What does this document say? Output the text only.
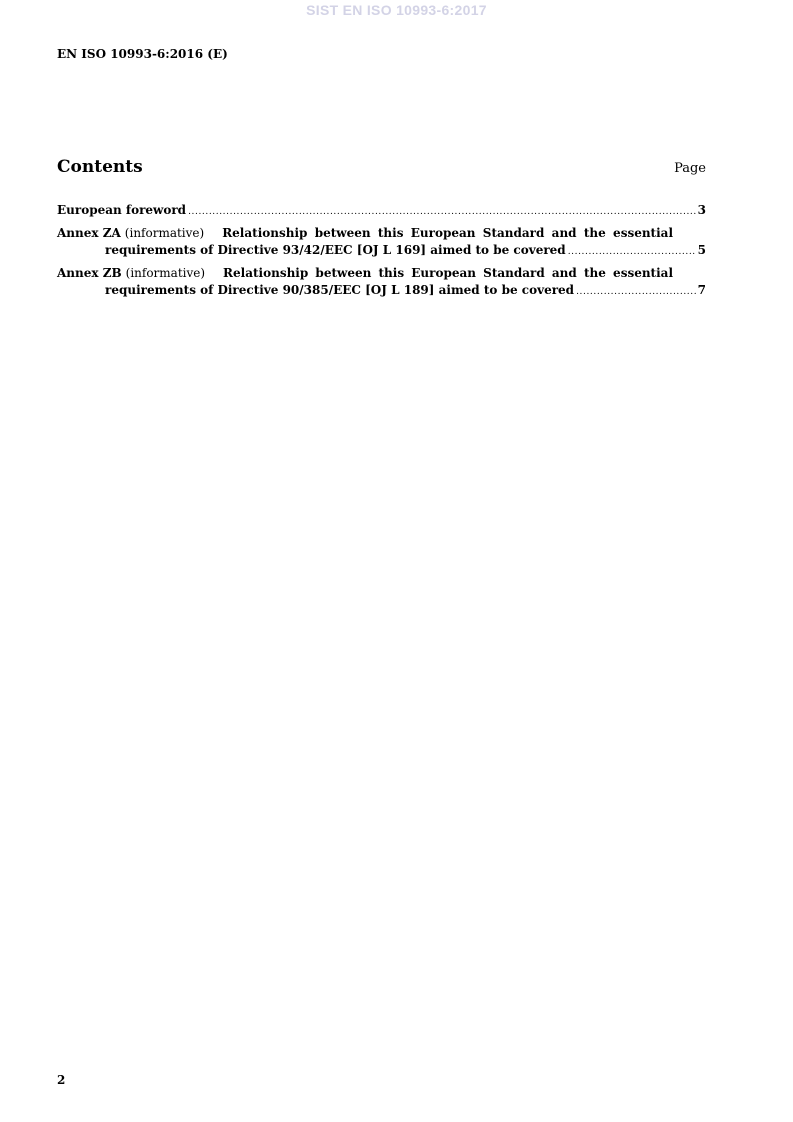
SIST EN ISO 10993-6:2017
EN ISO 10993-6:2016 (E)
Contents	Page
European foreword .....	3
Annex ZA (informative) Relationship between this European Standard and the essential
requirements of Directive 93/42/EEC [OJ L 169] aimed to be covered .....	5
Annex ZB (informative) Relationship between this European Standard and the essential
requirements of Directive 90/385/EEC [OJ L 189] aimed to be covered .....	7
2
